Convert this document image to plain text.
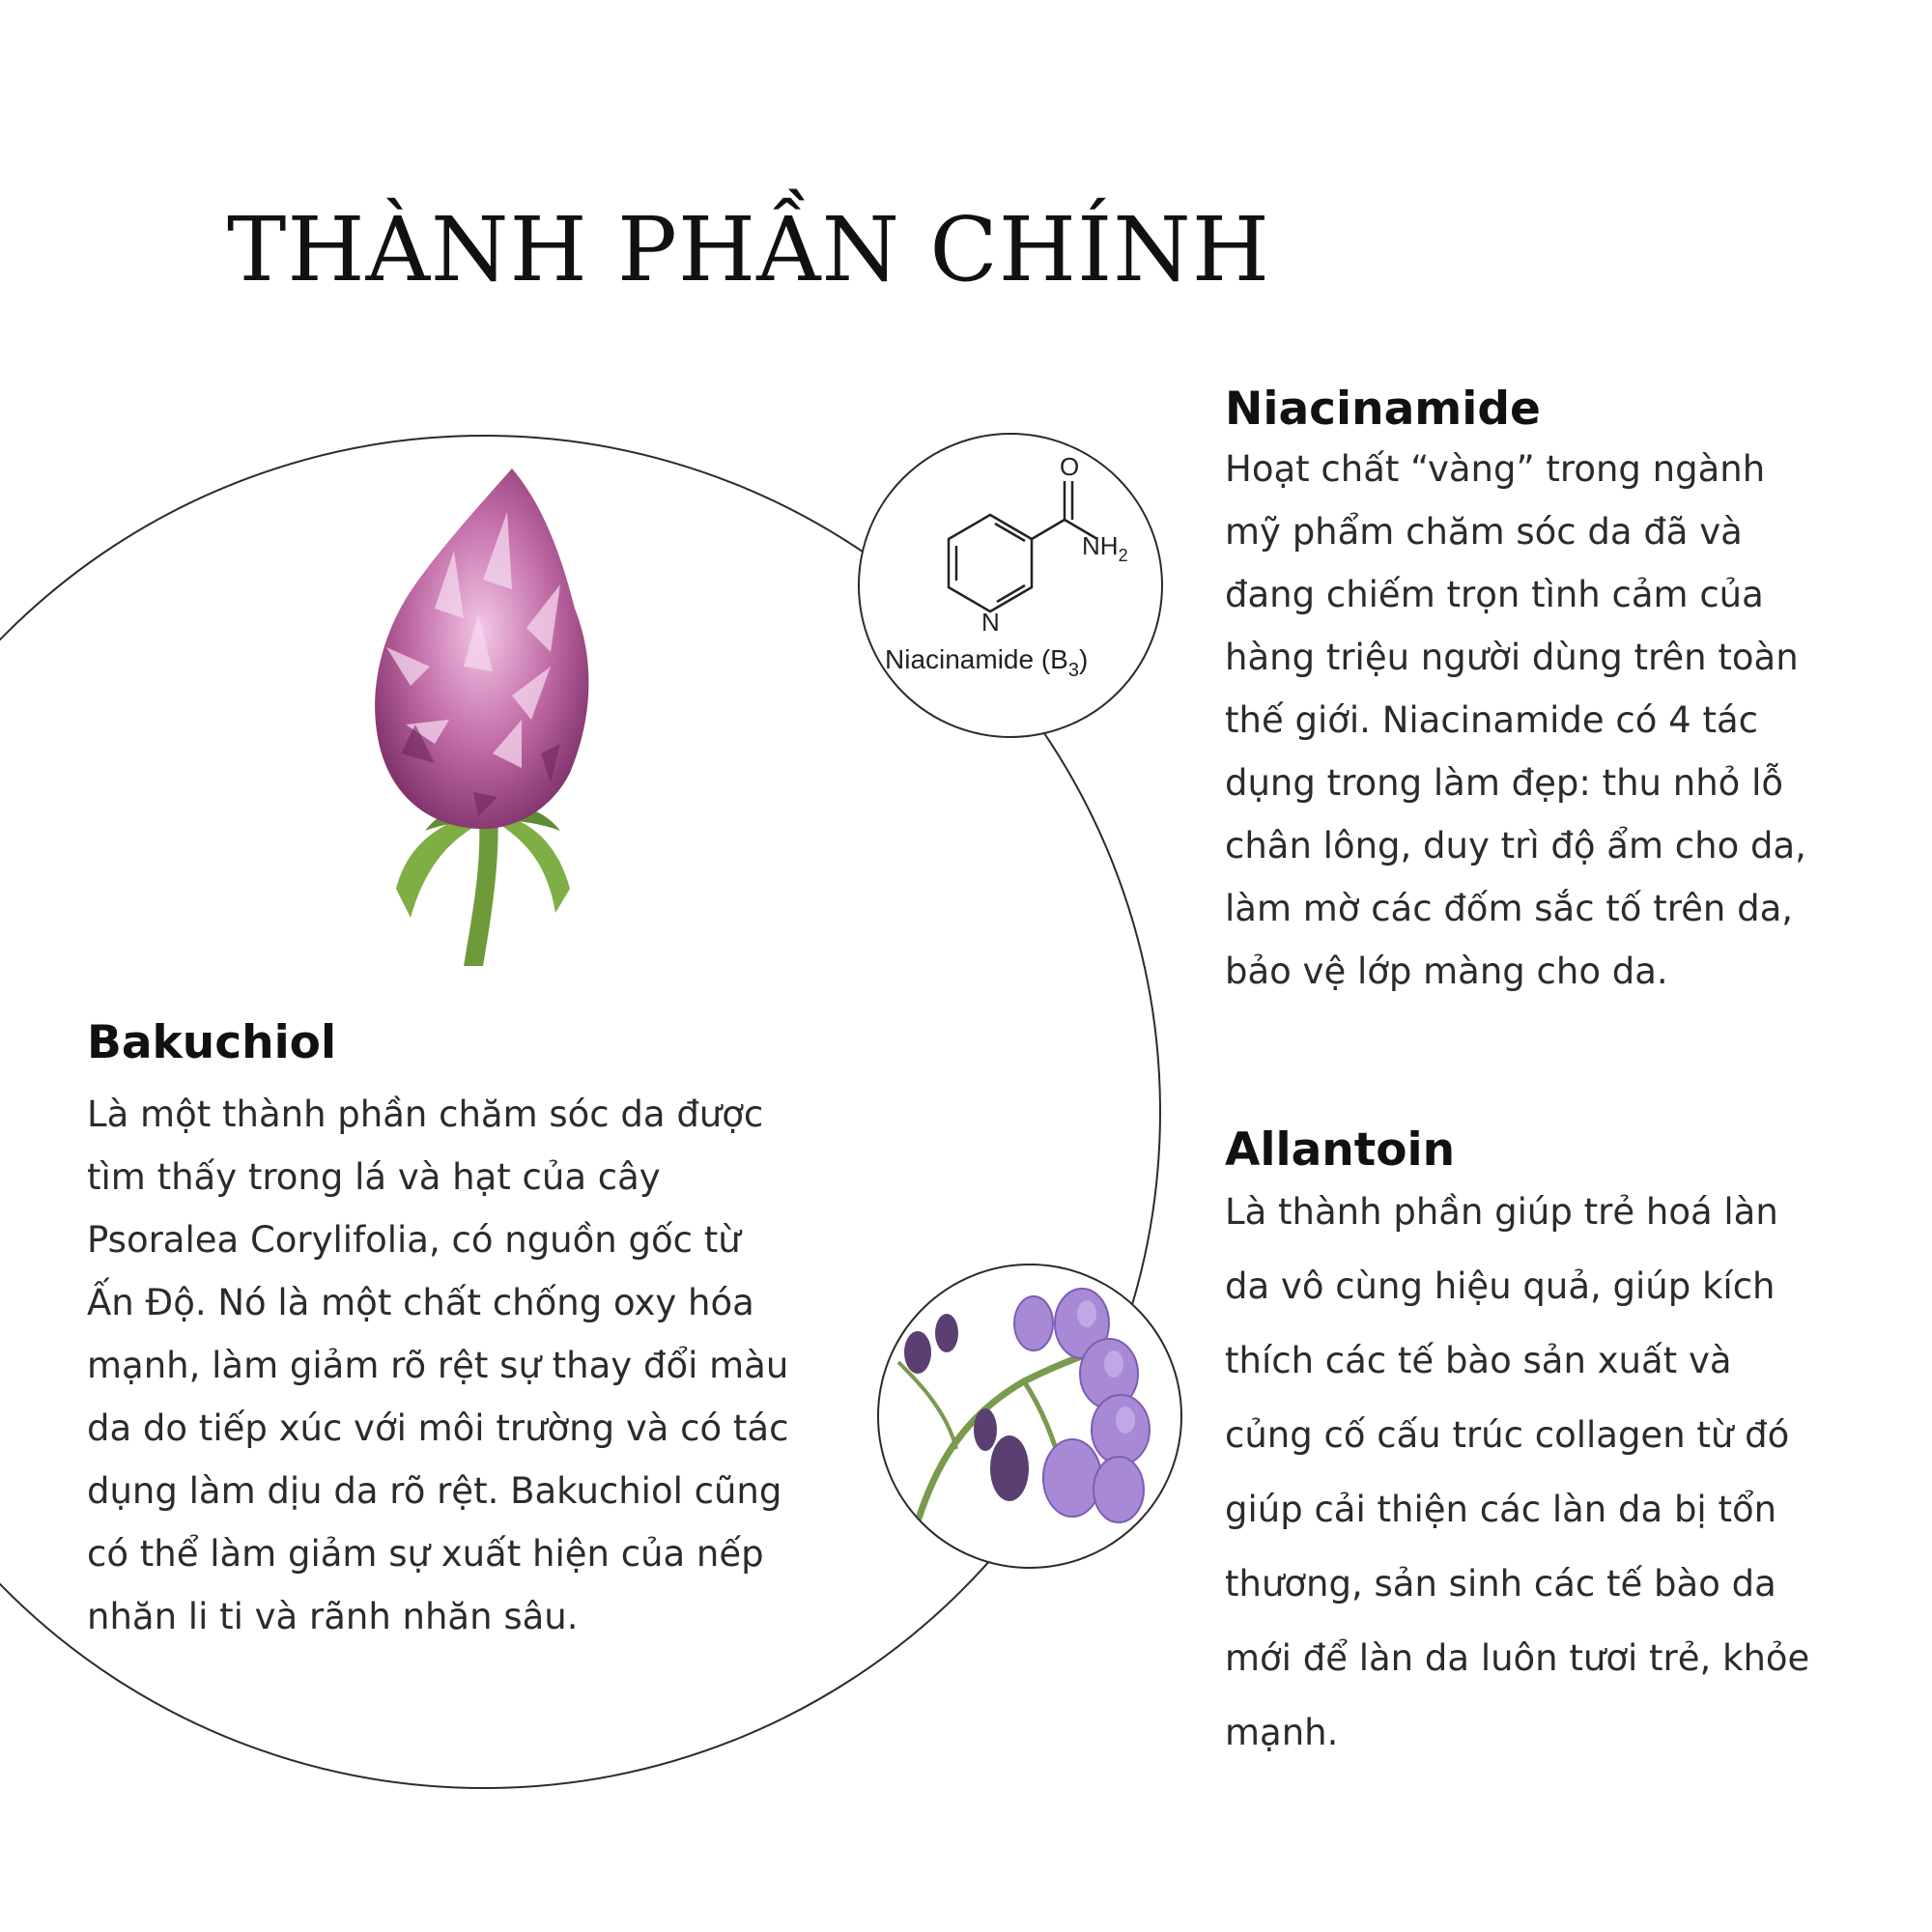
THÀNH PHẦN CHÍNH
O
$NH_2$
N
Niacinamide $(B_3)$
Niacinamide

Hoạt chất “vàng” trong ngành
mỹ phẩm chăm sóc da đã và
đang chiếm trọn tình cảm của
hàng triệu người dùng trên toàn
thế giới. Niacinamide có 4 tác
dụng trong làm đẹp: thu nhỏ lỗ
chân lông, duy trì độ ẩm cho da,
làm mờ các đốm sắc tố trên da,
bảo vệ lớp màng cho da.

Bakuchiol

Là một thành phần chăm sóc da được
tìm thấy trong lá và hạt của cây
Psoralea Corylifolia, có nguồn gốc từ
Ấn Độ. Nó là một chất chống oxy hóa
mạnh, làm giảm rõ rệt sự thay đổi màu
da do tiếp xúc với môi trường và có tác
dụng làm dịu da rõ rệt. Bakuchiol cũng
có thể làm giảm sự xuất hiện của nếp
nhăn li ti và rãnh nhăn sâu.

Allantoin

Là thành phần giúp trẻ hoá làn
da vô cùng hiệu quả, giúp kích
thích các tế bào sản xuất và
củng cố cấu trúc collagen từ đó
giúp cải thiện các làn da bị tổn
thương, sản sinh các tế bào da
mới để làn da luôn tươi trẻ, khỏe
mạnh.
